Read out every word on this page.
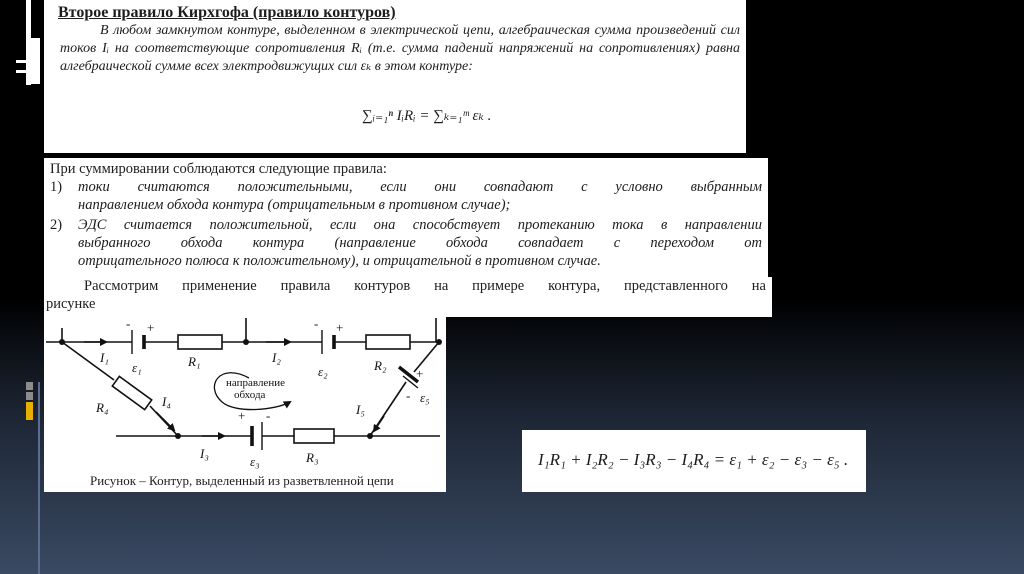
Второе правило Кирхгофа (правило контуров)
В любом замкнутом контуре, выделенном в электрической цепи, алгебраическая сумма произведений сил токов Iᵢ на соответствующие сопротивления Rᵢ (т.е. сумма падений напряжений на сопротивлениях) равна алгебраической сумме всех электродвижущих сил εₖ в этом контуре:
∑ᵢ₌₁ⁿ IᵢRᵢ = ∑ₖ₌₁ᵐ εₖ .
При суммировании соблюдаются следующие правила:
1) токи считаются положительными, если они совпадают с условно выбранным
направлением обхода контура (отрицательным в противном случае);
2) ЭДС считается положительной, если она способствует протеканию тока в направлении
выбранного обхода контура (направление обхода совпадает с переходом от
отрицательного полюса к положительному), и отрицательной в противном случае.
Рассмотрим применение правила контуров на примере контура, представленного на
рисунке
I₁
- +
ε₁	R₁	I₂
- +
ε₂	R₂
R₄	I₄
I₃
+ -
ε₃	R₃
+
- ε₅
I₅
направление
обхода
Рисунок – Контур, выделенный из разветвленной цепи
I₁R₁ + I₂R₂ − I₃R₃ − I₄R₄ = ε₁ + ε₂ − ε₃ − ε₅ .
